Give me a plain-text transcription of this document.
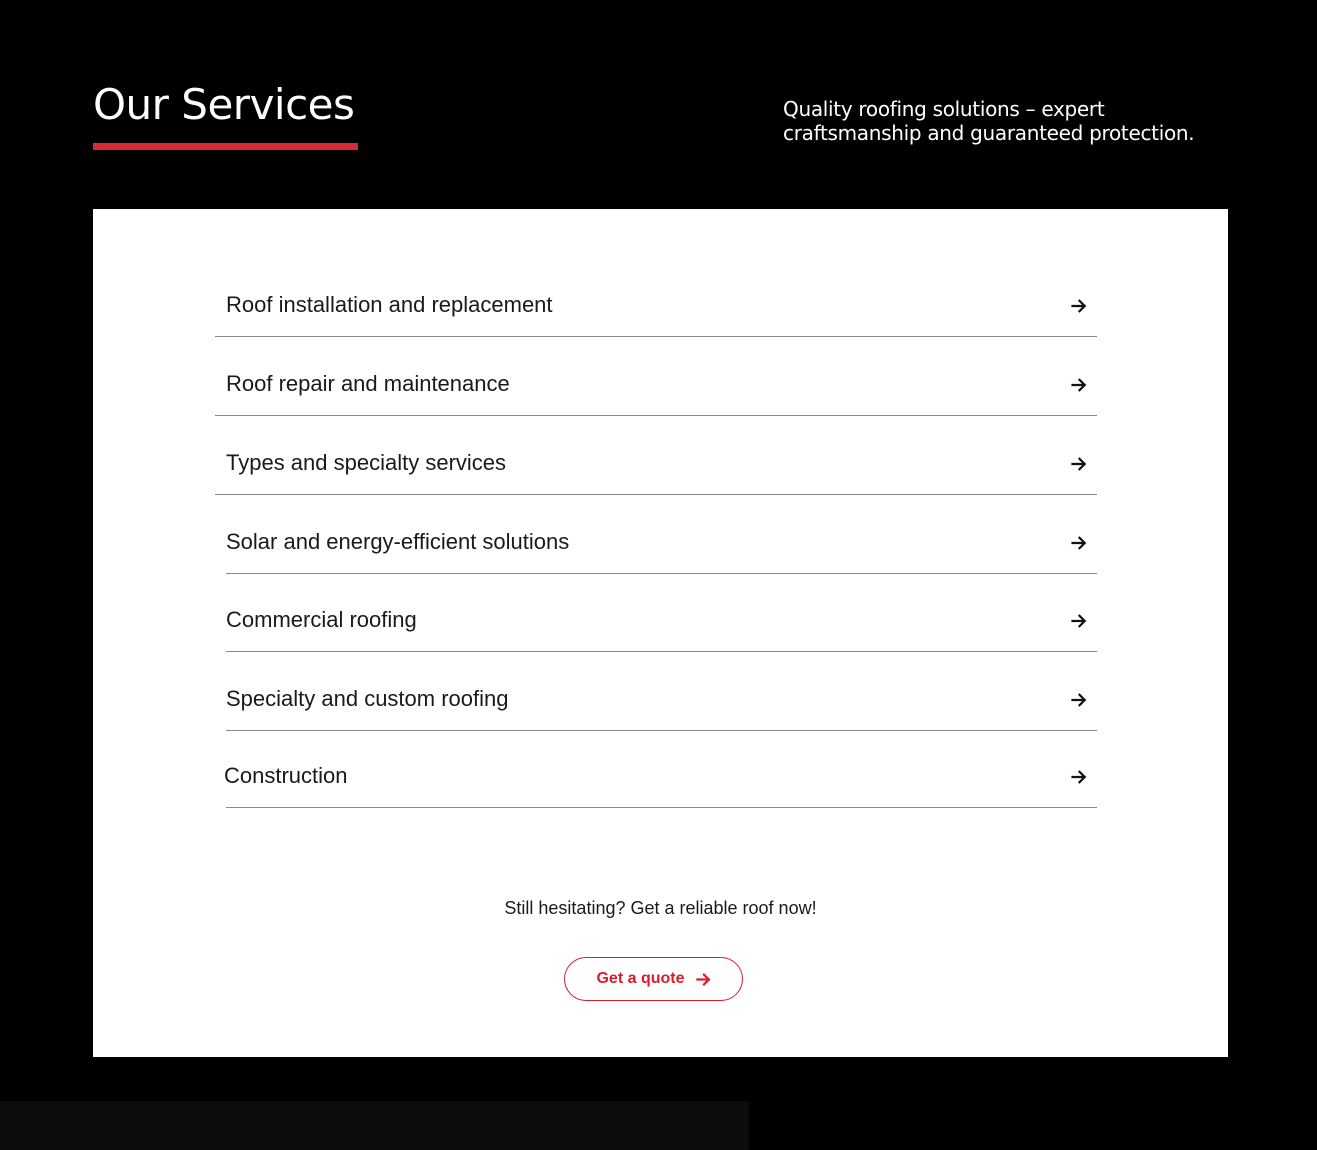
Our Services	Quality roofing solutions – expert craftsmanship and guaranteed protection.

Roof installation and replacement
Roof repair and maintenance
Types and specialty services
Solar and energy-efficient solutions
Commercial roofing
Specialty and custom roofing
Construction

Still hesitating? Get a reliable roof now!

Get a quote
